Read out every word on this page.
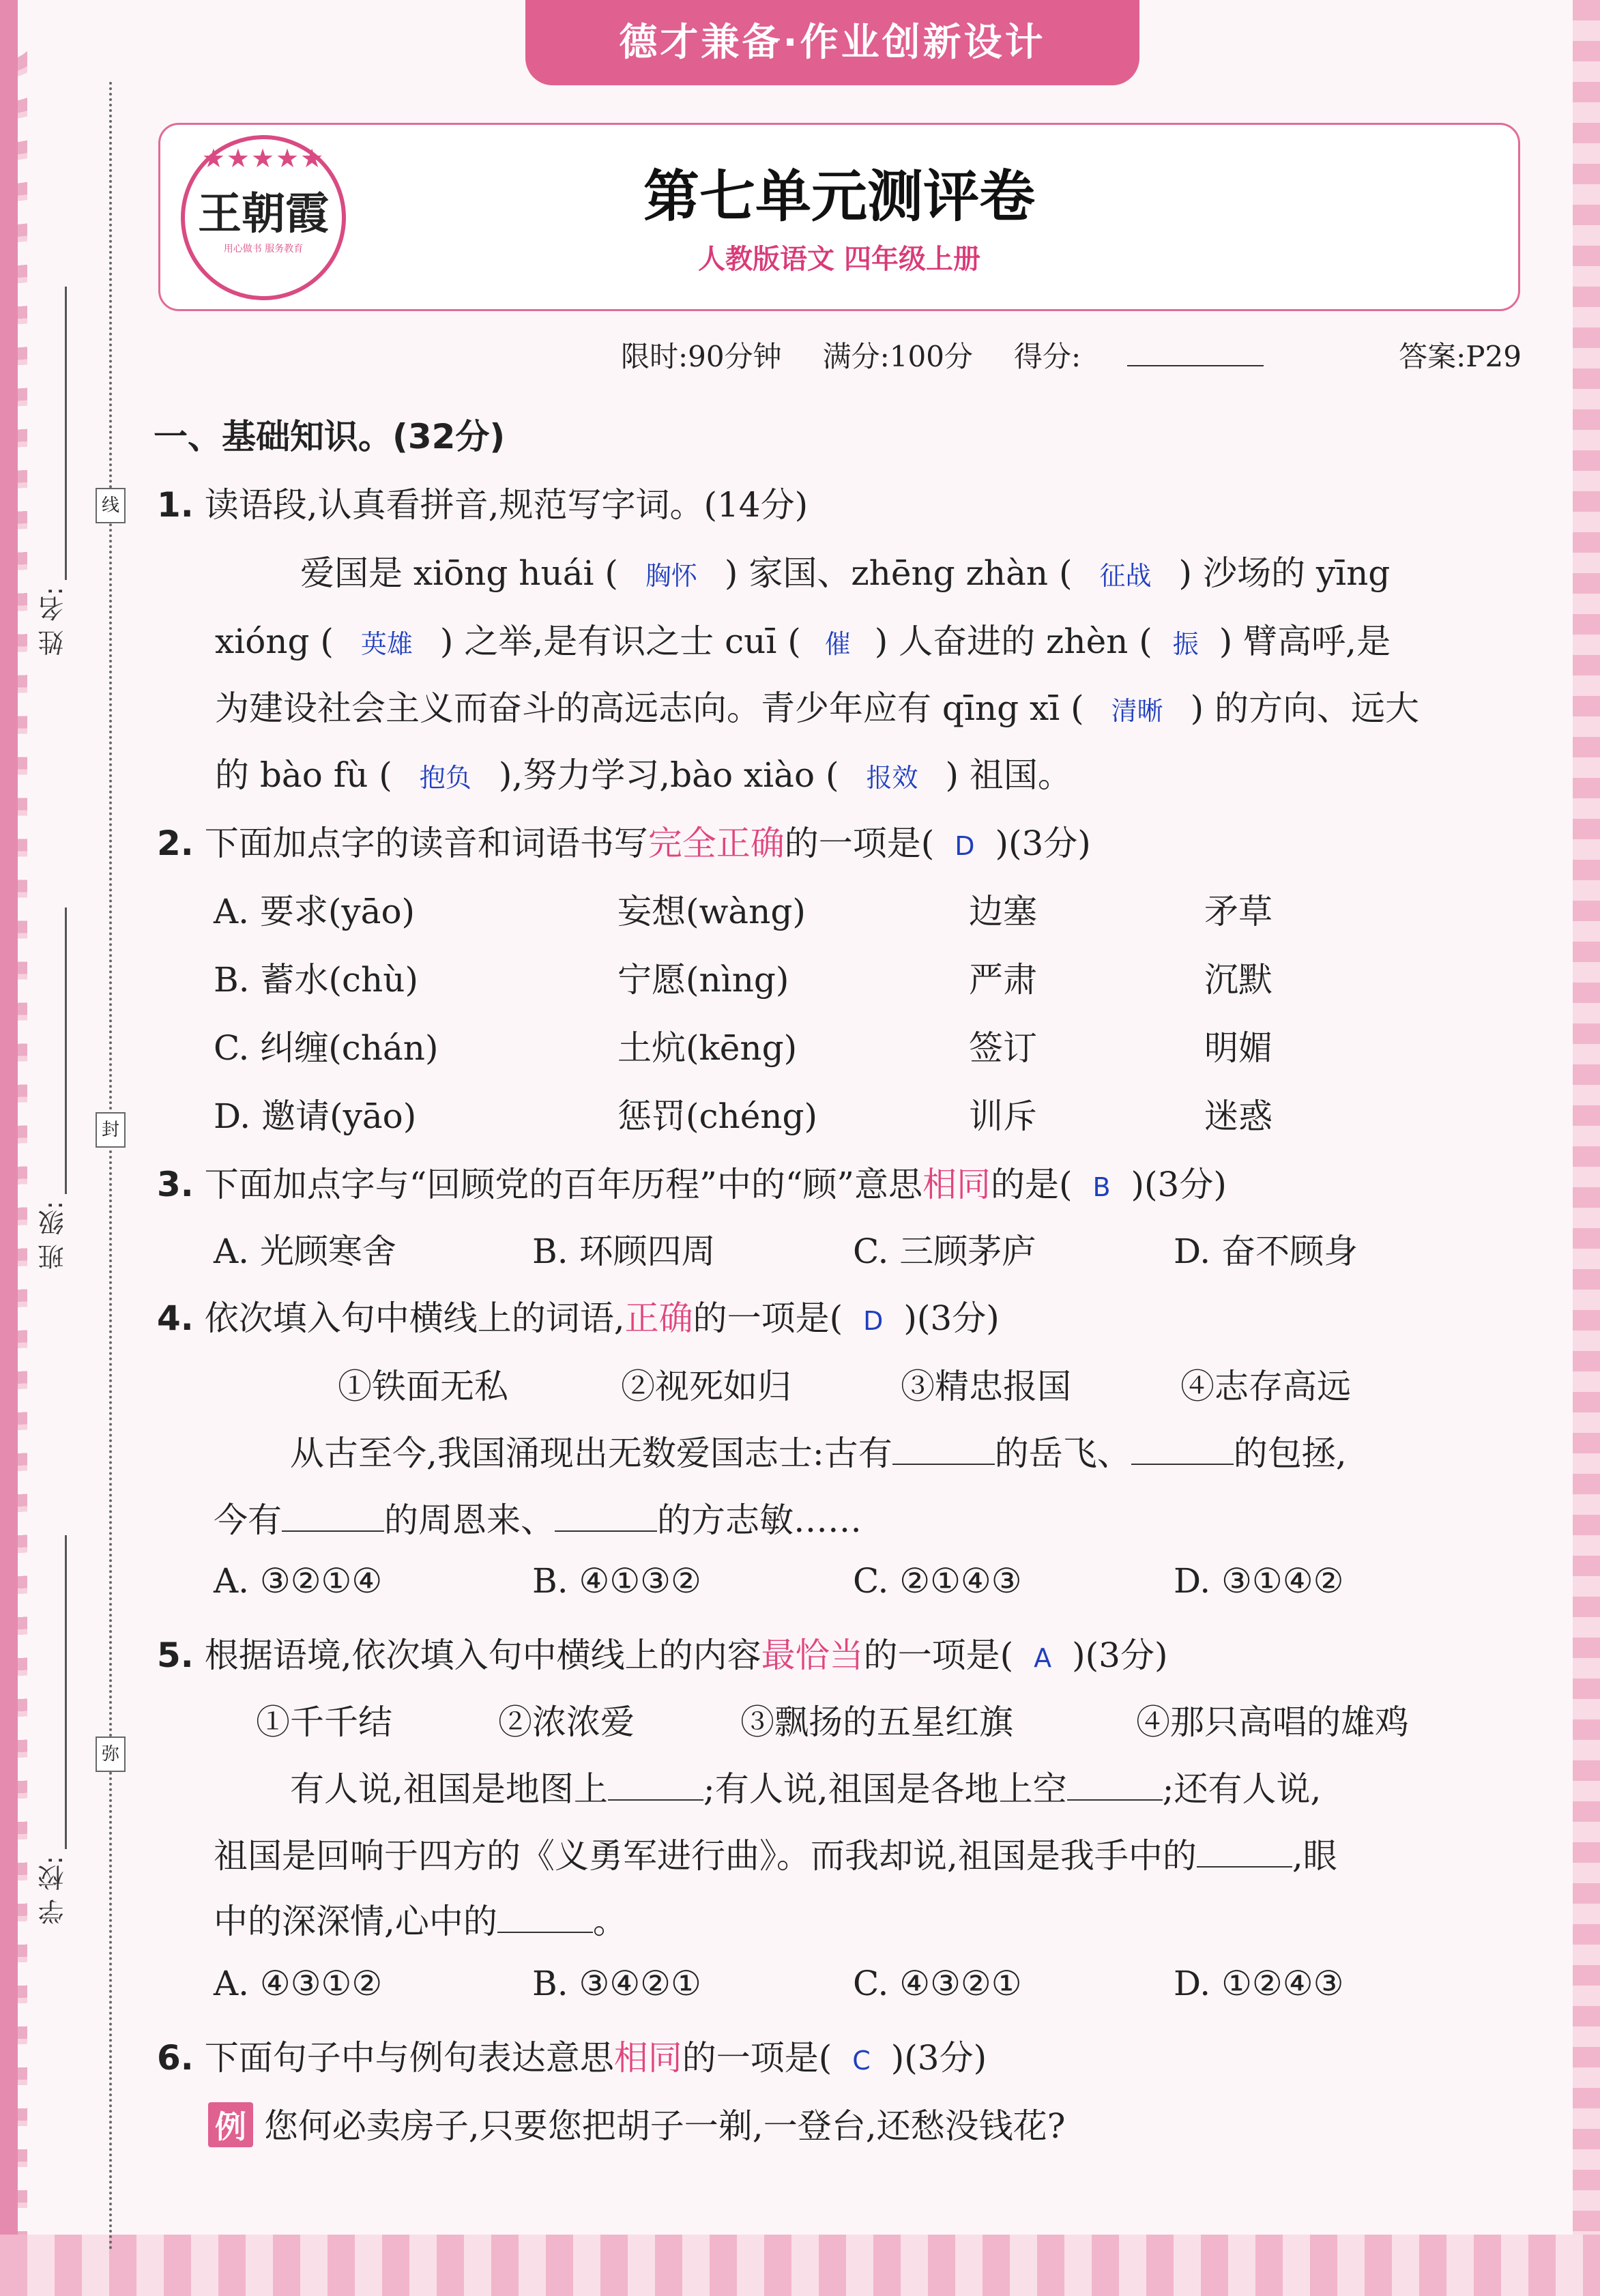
德才兼备·作业创新设计
姓 名:
班 级:
学 校:
线
封
弥
★★★★★
王朝霞
用心做书 服务教育
第七单元测评卷
人教版语文 四年级上册
限时:90分钟 满分:100分 得分:	答案:P29
一、基础知识。(32分)
1. 读语段,认真看拼音,规范写字词。(14分)
爱国是 xiōng huái ( 胸怀 ) 家国、zhēng zhàn ( 征战 ) 沙场的 yīng
xióng ( 英雄 ) 之举,是有识之士 cuī ( 催 ) 人奋进的 zhèn ( 振 ) 臂高呼,是
为建设社会主义而奋斗的高远志向。青少年应有 qīng xī ( 清晰 ) 的方向、远大
的 bào fù ( 抱负 ),努力学习,bào xiào ( 报效 ) 祖国。
2. 下面加点字的读音和词语书写完全正确的一项是( D )(3分)
A. 要求(yāo)	妄想(wàng)	边塞	矛草
B. 蓄水(chù)	宁愿(nìng)	严肃	沉默
C. 纠缠(chán)	土炕(kēng)	签订	明媚
D. 邀请(yāo)	惩罚(chéng)	训斥	迷惑
3. 下面加点字与“回顾党的百年历程”中的“顾”意思相同的是( B )(3分)
A. 光顾寒舍	B. 环顾四周	C. 三顾茅庐	D. 奋不顾身
4. 依次填入句中横线上的词语,正确的一项是( D )(3分)
①铁面无私	②视死如归	③精忠报国	④志存高远
从古至今,我国涌现出无数爱国志士:古有	的岳飞、	的包拯,
今有	的周恩来、	的方志敏……
A. ③②①④	B. ④①③②	C. ②①④③	D. ③①④②
5. 根据语境,依次填入句中横线上的内容最恰当的一项是( A )(3分)
①千千结	②浓浓爱	③飘扬的五星红旗	④那只高唱的雄鸡
有人说,祖国是地图上	;有人说,祖国是各地上空	;还有人说,
祖国是回响于四方的《义勇军进行曲》。而我却说,祖国是我手中的	,眼
中的深深情,心中的	。
A. ④③①②	B. ③④②①	C. ④③②①	D. ①②④③
6. 下面句子中与例句表达意思相同的一项是( C )(3分)
例 您何必卖房子,只要您把胡子一剃,一登台,还愁没钱花?
